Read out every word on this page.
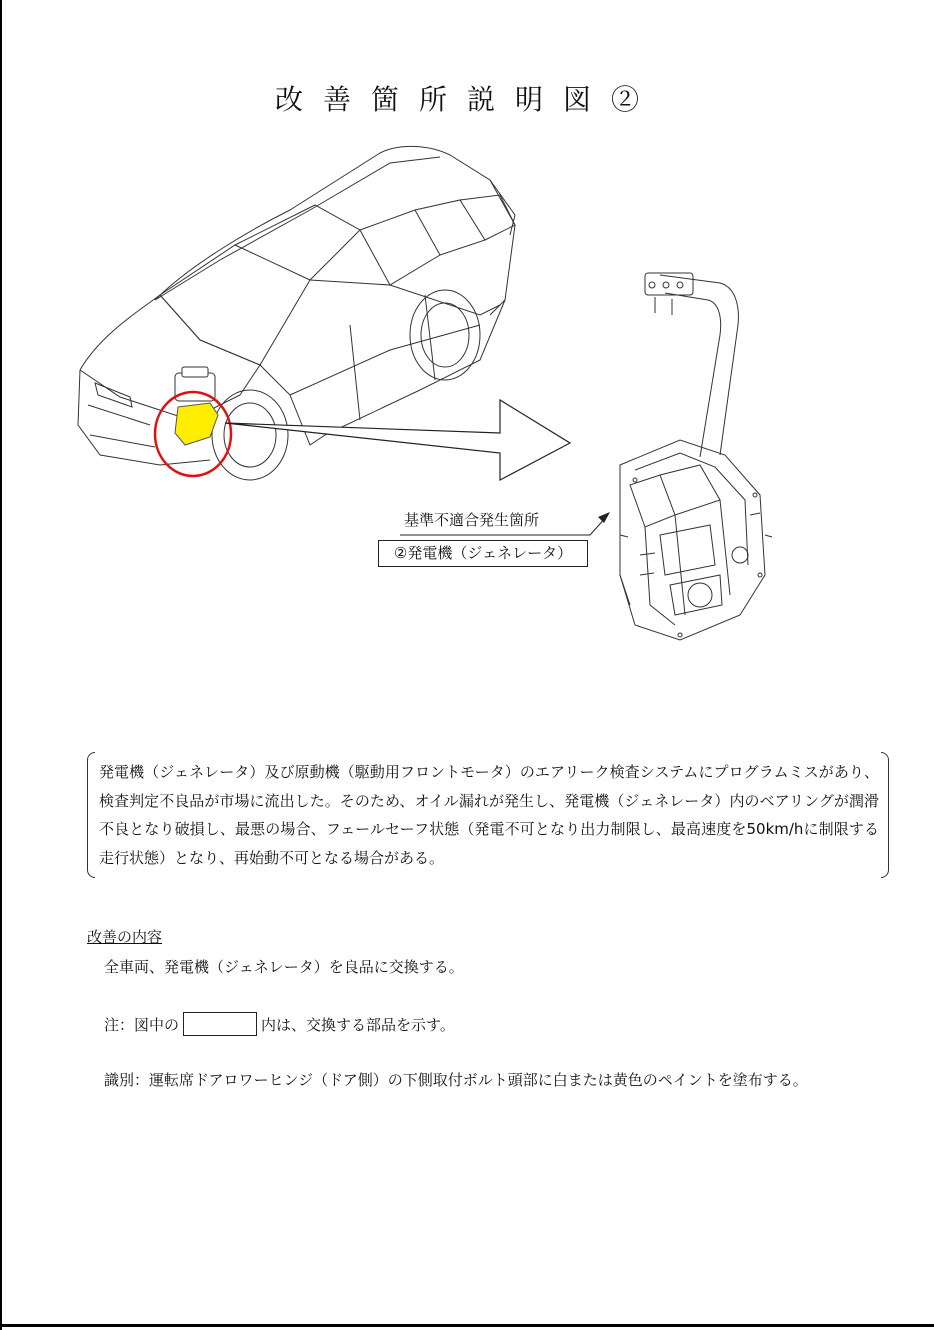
改善箇所説明図②
基準不適合発生箇所
②発電機（ジェネレータ）
発電機（ジェネレータ）及び原動機（駆動用フロントモータ）のエアリーク検査システムにプログラムミスがあり、検査判定不良品が市場に流出した。そのため、オイル漏れが発生し、発電機（ジェネレータ）内のベアリングが潤滑不良となり破損し、最悪の場合、フェールセーフ状態（発電不可となり出力制限し、最高速度を50km/hに制限する走行状態）となり、再始動不可となる場合がある。
改善の内容
全車両、発電機（ジェネレータ）を良品に交換する。
注：図中の	内は、交換する部品を示す。
識別：運転席ドアロワーヒンジ（ドア側）の下側取付ボルト頭部に白または黄色のペイントを塗布する。
